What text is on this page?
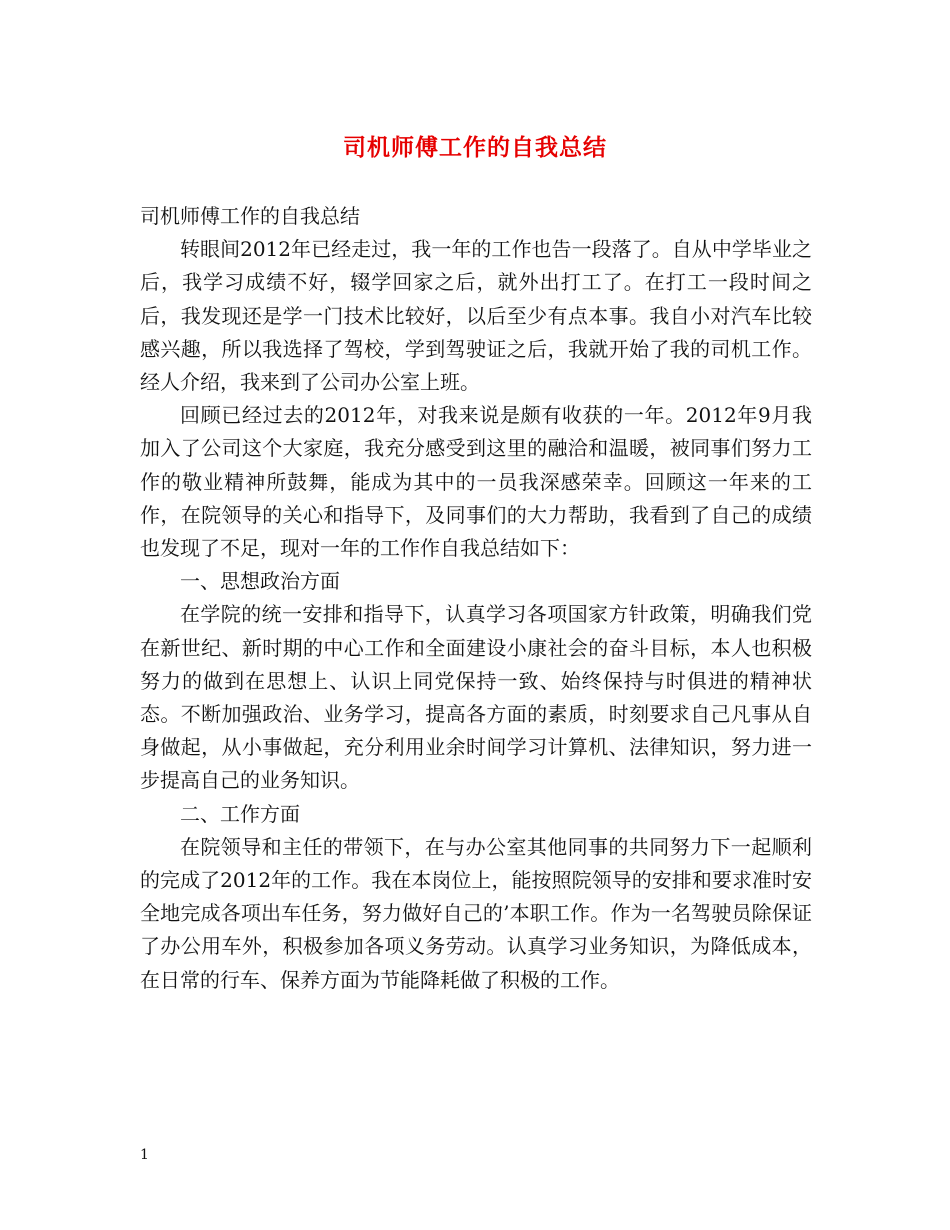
司机师傅工作的自我总结

司机师傅工作的自我总结

转眼间2012年已经走过，我一年的工作也告一段落了。自从中学毕业之后，我学习成绩不好，辍学回家之后，就外出打工了。在打工一段时间之后，我发现还是学一门技术比较好，以后至少有点本事。我自小对汽车比较感兴趣，所以我选择了驾校，学到驾驶证之后，我就开始了我的司机工作。经人介绍，我来到了公司办公室上班。

回顾已经过去的2012年，对我来说是颇有收获的一年。2012年9月我加入了公司这个大家庭，我充分感受到这里的融洽和温暖，被同事们努力工作的敬业精神所鼓舞，能成为其中的一员我深感荣幸。回顾这一年来的工作，在院领导的关心和指导下，及同事们的大力帮助，我看到了自己的成绩也发现了不足，现对一年的工作作自我总结如下：

一、思想政治方面

在学院的统一安排和指导下，认真学习各项国家方针政策，明确我们党在新世纪、新时期的中心工作和全面建设小康社会的奋斗目标，本人也积极努力的做到在思想上、认识上同党保持一致、始终保持与时俱进的精神状态。不断加强政治、业务学习，提高各方面的素质，时刻要求自己凡事从自身做起，从小事做起，充分利用业余时间学习计算机、法律知识，努力进一步提高自己的业务知识。

二、工作方面

在院领导和主任的带领下，在与办公室其他同事的共同努力下一起顺利的完成了2012年的工作。我在本岗位上，能按照院领导的安排和要求准时安全地完成各项出车任务，努力做好自己的’本职工作。作为一名驾驶员除保证了办公用车外，积极参加各项义务劳动。认真学习业务知识，为降低成本，在日常的行车、保养方面为节能降耗做了积极的工作。

1
